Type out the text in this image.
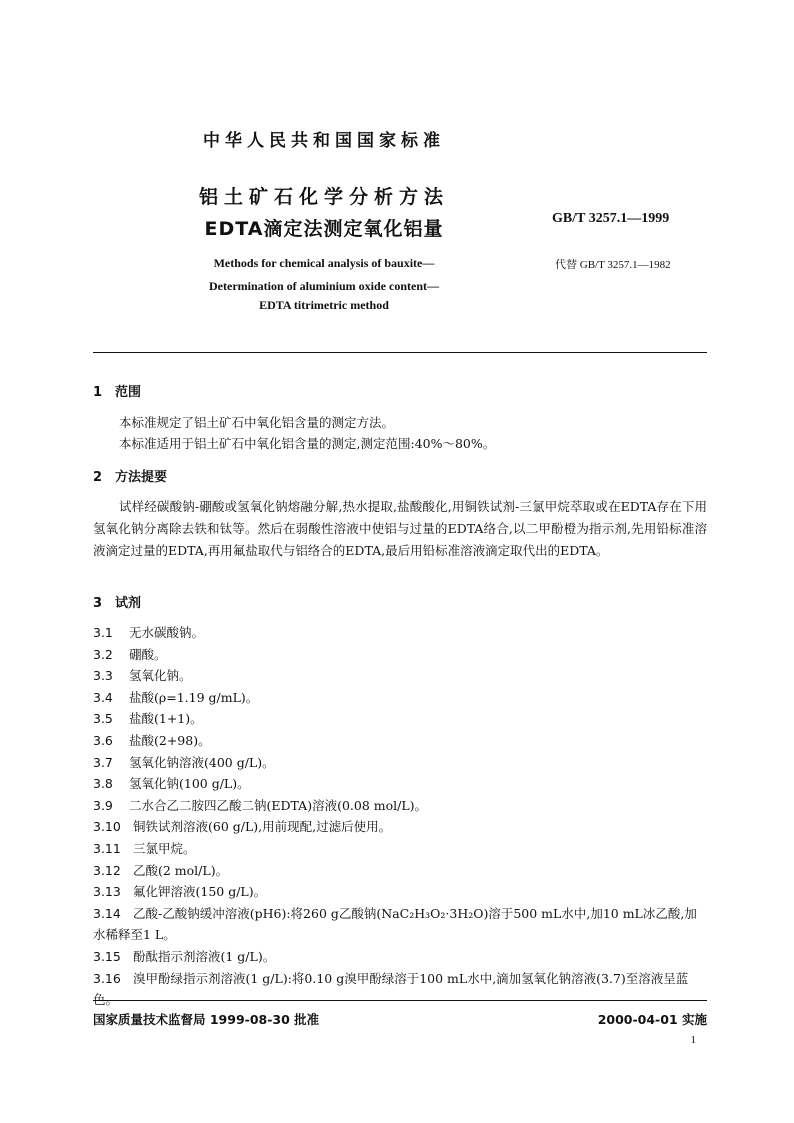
中华人民共和国国家标准
铝土矿石化学分析方法
EDTA滴定法测定氧化铝量	GB/T 3257.1—1999
Methods for chemical analysis of bauxite—
Determination of aluminium oxide content—
EDTA titrimetric method
代替 GB/T 3257.1—1982
1 范围
本标准规定了铝土矿石中氧化铝含量的测定方法。
本标准适用于铝土矿石中氧化铝含量的测定,测定范围:40%～80%。
2 方法提要
试样经碳酸钠-硼酸或氢氧化钠熔融分解,热水提取,盐酸酸化,用铜铁试剂-三氯甲烷萃取或在EDTA存在下用氢氧化钠分离除去铁和钛等。然后在弱酸性溶液中使铝与过量的EDTA络合,以二甲酚橙为指示剂,先用铅标准溶液滴定过量的EDTA,再用氟盐取代与铝络合的EDTA,最后用铅标准溶液滴定取代出的EDTA。
3 试剂
3.1 无水碳酸钠。
3.2 硼酸。
3.3 氢氧化钠。
3.4 盐酸(ρ=1.19 g/mL)。
3.5 盐酸(1+1)。
3.6 盐酸(2+98)。
3.7 氢氧化钠溶液(400 g/L)。
3.8 氢氧化钠(100 g/L)。
3.9 二水合乙二胺四乙酸二钠(EDTA)溶液(0.08 mol/L)。
3.10 铜铁试剂溶液(60 g/L),用前现配,过滤后使用。
3.11 三氯甲烷。
3.12 乙酸(2 mol/L)。
3.13 氟化钾溶液(150 g/L)。
3.14 乙酸-乙酸钠缓冲溶液(pH6):将260 g乙酸钠(NaC₂H₃O₂·3H₂O)溶于500 mL水中,加10 mL冰乙酸,加水稀释至1 L。
3.15 酚酞指示剂溶液(1 g/L)。
3.16 溴甲酚绿指示剂溶液(1 g/L):将0.10 g溴甲酚绿溶于100 mL水中,滴加氢氧化钠溶液(3.7)至溶液呈蓝色。
国家质量技术监督局 1999-08-30 批准	2000-04-01 实施
1
